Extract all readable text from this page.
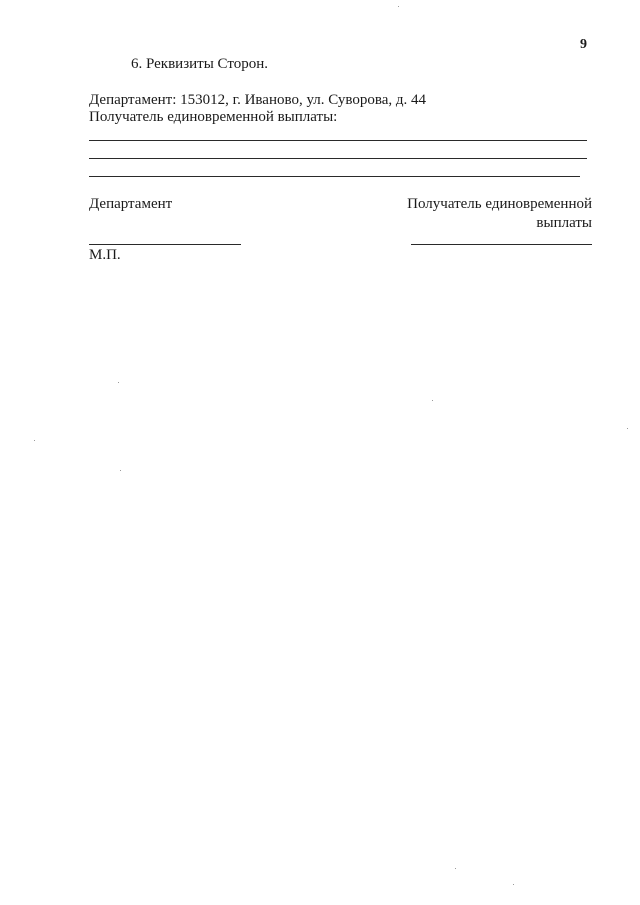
9
6. Реквизиты Сторон.
Департамент: 153012, г. Иваново, ул. Суворова, д. 44
Получатель единовременной выплаты:
Департамент	Получатель единовременной выплаты
М.П.
